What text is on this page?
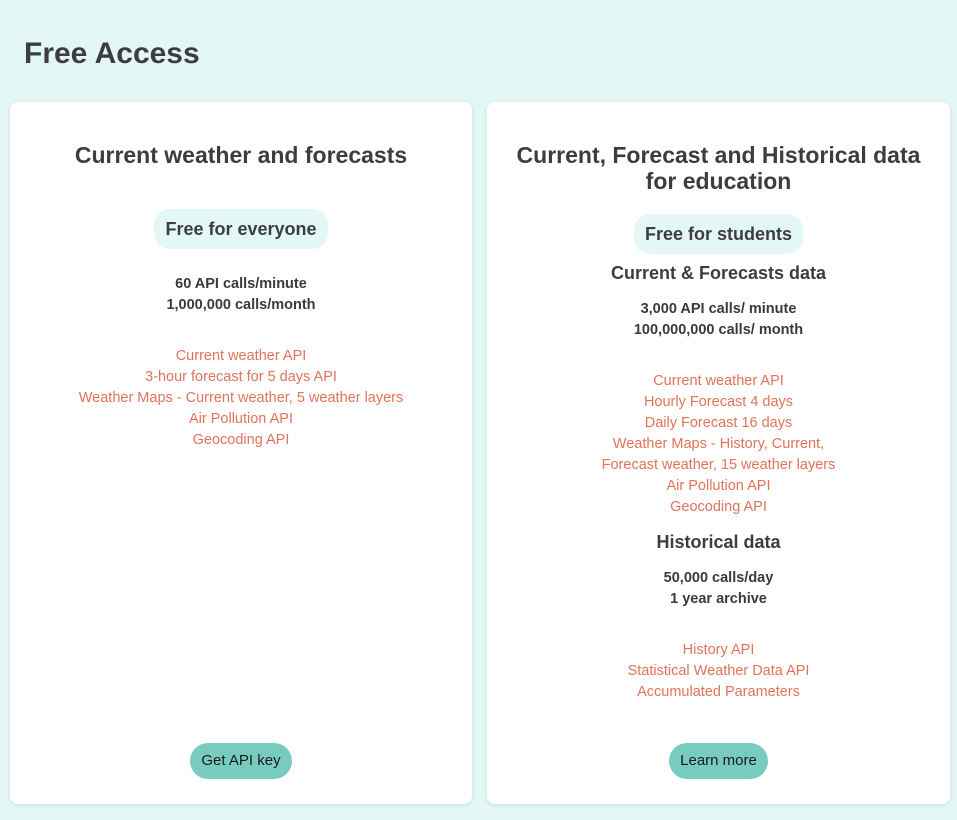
Free Access
Current weather and forecasts
Free for everyone
60 API calls/minute
1,000,000 calls/month
Current weather API
3-hour forecast for 5 days API
Weather Maps - Current weather, 5 weather layers
Air Pollution API
Geocoding API
Get API key
Current, Forecast and Historical data
for education
Free for students
Current & Forecasts data
3,000 API calls/ minute
100,000,000 calls/ month
Current weather API
Hourly Forecast 4 days
Daily Forecast 16 days
Weather Maps - History, Current,
Forecast weather, 15 weather layers
Air Pollution API
Geocoding API
Historical data
50,000 calls/day
1 year archive
History API
Statistical Weather Data API
Accumulated Parameters
Learn more
